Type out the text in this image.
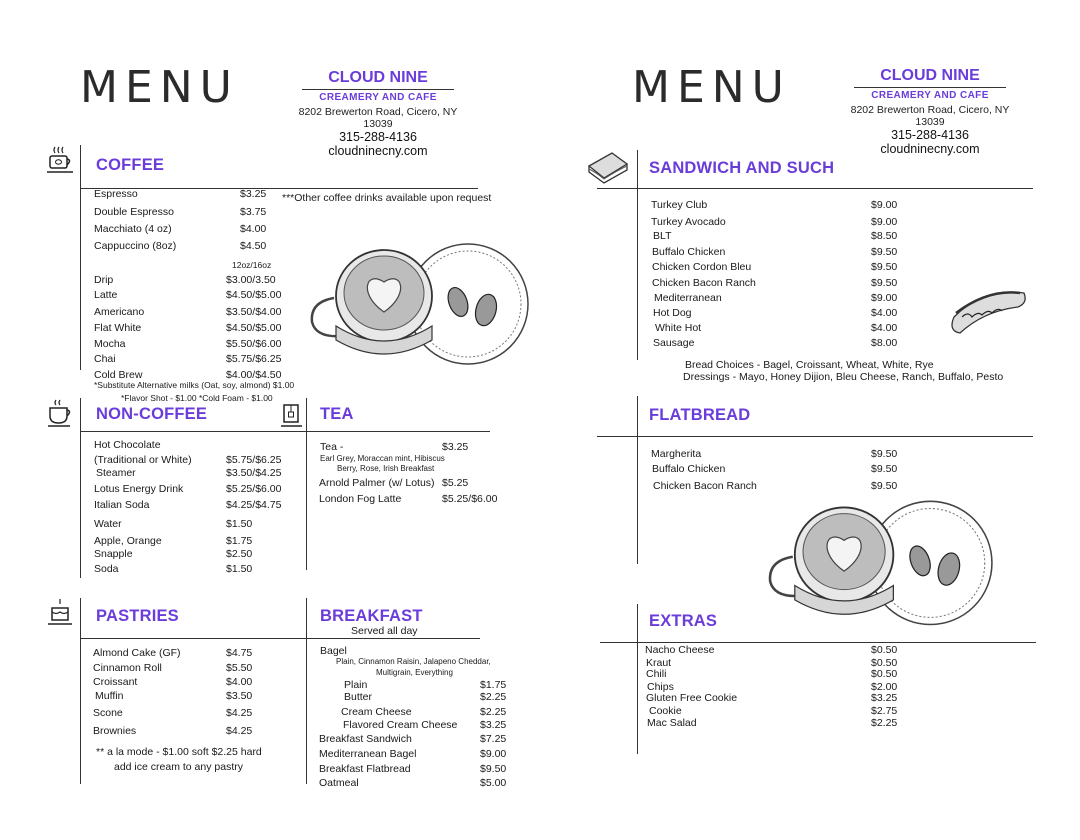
MENU	CLOUD NINE
CREAMERY AND CAFE
8202 Brewerton Road, Cicero, NY 13039
315-288-4136
cloudninecny.com
COFFEE
Espresso	$3.25
Double Espresso	$3.75
Macchiato (4 oz)	$4.00
Cappuccino (8oz)	$4.50
Drip	$3.00/3.50
Latte	$4.50/$5.00
Americano	$3.50/$4.00
Flat White	$4.50/$5.00
Mocha	$5.50/$6.00
Chai	$5.75/$6.25
Cold Brew	$4.00/$4.50
12oz/16oz
***Other coffee drinks available upon request
*Substitute Alternative milks (Oat, soy, almond) $1.00
*Flavor Shot - $1.00 *Cold Foam - $1.00
NON-COFFEE
Hot Chocolate
(Traditional or White)	$5.75/$6.25
Steamer	$3.50/$4.25
Lotus Energy Drink	$5.25/$6.00
Italian Soda	$4.25/$4.75
Water	$1.50
Apple, Orange	$1.75
Snapple	$2.50
Soda	$1.50
TEA
Tea -	$3.25
Earl Grey, Moraccan mint, Hibiscus
Berry, Rose, Irish Breakfast
Arnold Palmer (w/ Lotus) $5.25
London Fog Latte	$5.25/$6.00
PASTRIES
Almond Cake (GF)	$4.75
Cinnamon Roll	$5.50
Croissant	$4.00
Muffin	$3.50
Scone	$4.25
Brownies	$4.25
** a la mode - $1.00 soft $2.25 hard
add ice cream to any pastry
BREAKFAST
Served all day
Bagel
Plain, Cinnamon Raisin, Jalapeno Cheddar,
Multigrain, Everything
Plain	$1.75
Butter	$2.25
Cream Cheese	$2.25
Flavored Cream Cheese $3.25
Breakfast Sandwich	$7.25
Mediterranean Bagel	$9.00
Breakfast Flatbread	$9.50
Oatmeal	$5.00
MENU	CLOUD NINE
CREAMERY AND CAFE
8202 Brewerton Road, Cicero, NY 13039
315-288-4136
cloudninecny.com
SANDWICH AND SUCH
Turkey Club	$9.00
Turkey Avocado	$9.00
BLT	$8.50
Buffalo Chicken	$9.50
Chicken Cordon Bleu	$9.50
Chicken Bacon Ranch	$9.50
Mediterranean	$9.00
Hot Dog	$4.00
White Hot	$4.00
Sausage	$8.00
Bread Choices - Bagel, Croissant, Wheat, White, Rye
Dressings - Mayo, Honey Dijion, Bleu Cheese, Ranch, Buffalo, Pesto
FLATBREAD
Margherita	$9.50
Buffalo Chicken	$9.50
Chicken Bacon Ranch	$9.50
EXTRAS
Nacho Cheese	$0.50
Kraut	$0.50
Chili	$0.50
Chips	$2.00
Gluten Free Cookie	$3.25
Cookie	$2.75
Mac Salad	$2.25
